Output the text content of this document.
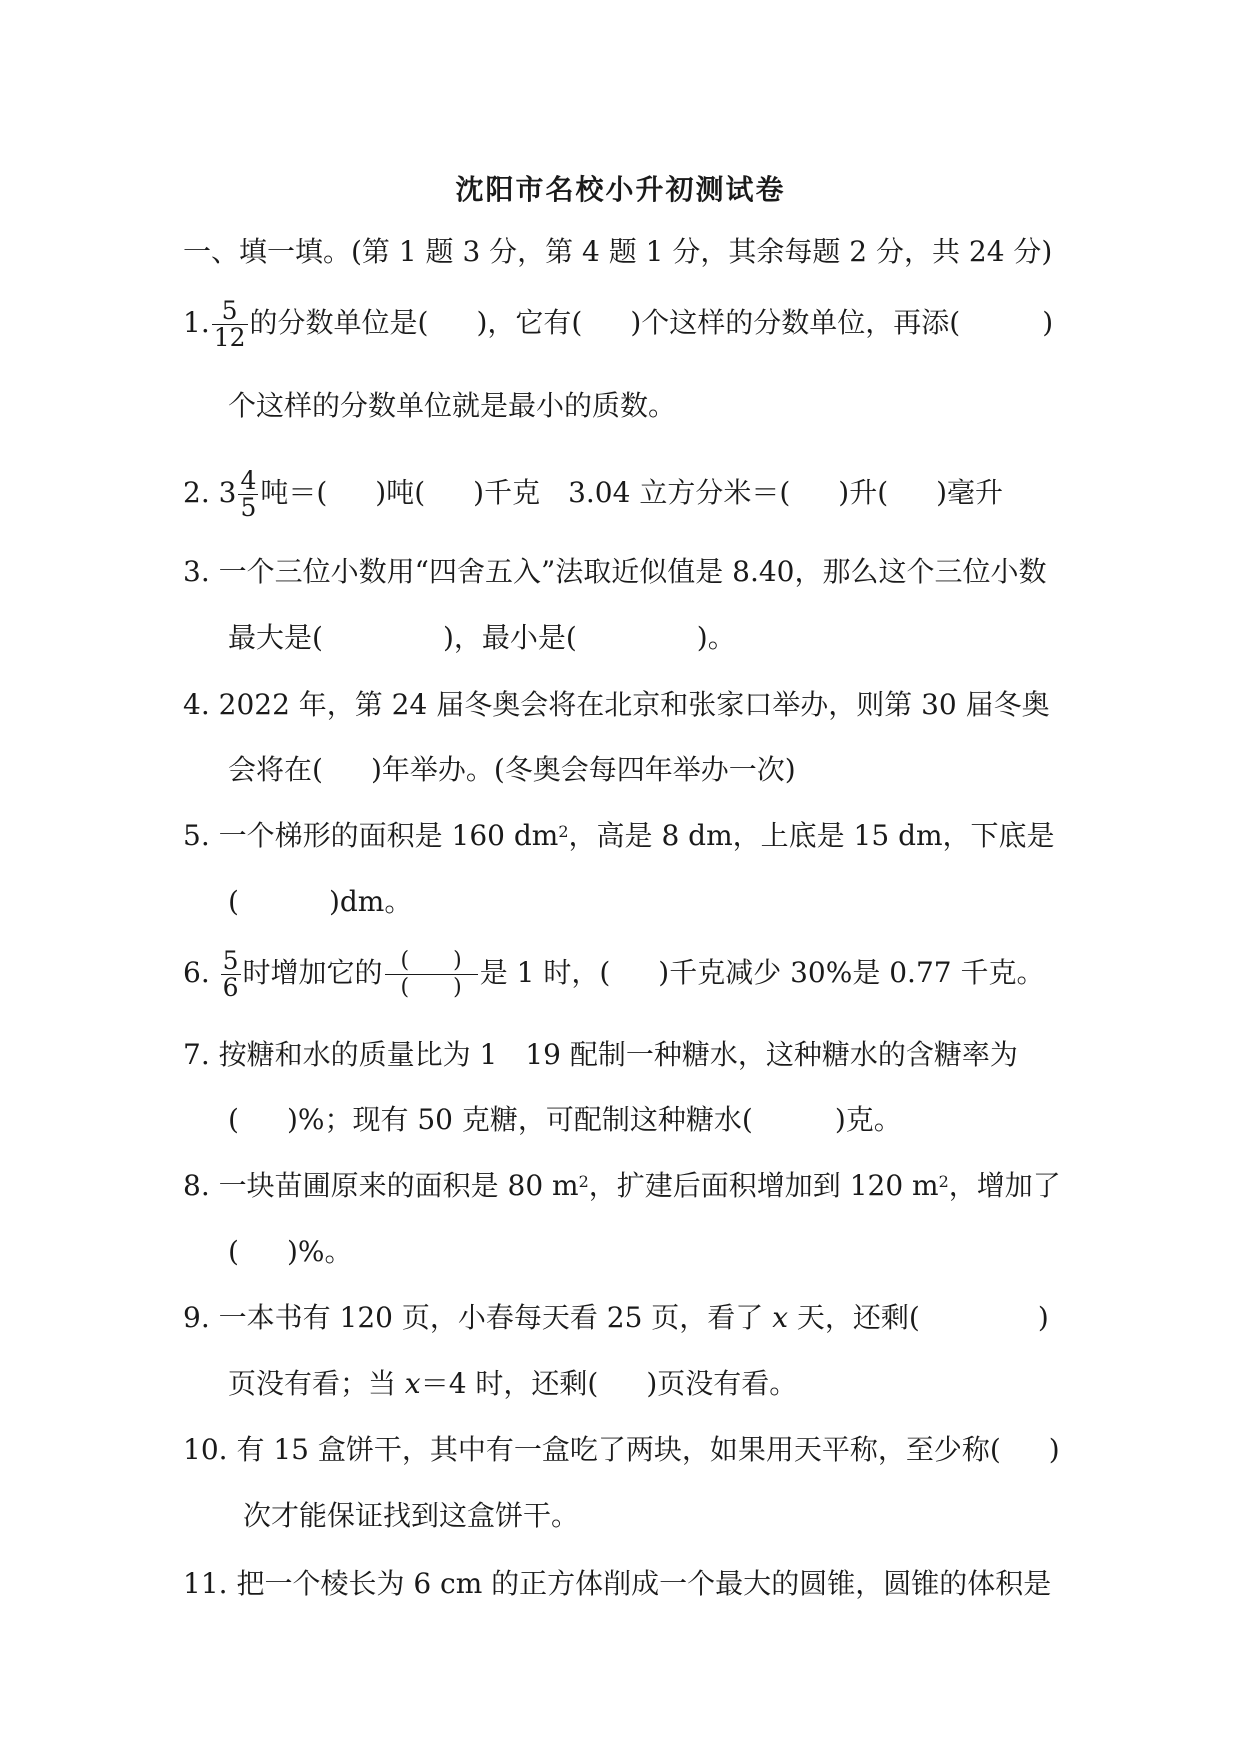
沈阳市名校小升初测试卷
一、填一填。(第 1 题 3 分，第 4 题 1 分，其余每题 2 分，共 24 分)
1. $\frac{5}{12}$ 的分数单位是( )，它有( )个这样的分数单位，再添(	)
个这样的分数单位就是最小的质数。
2. $3 \frac{4}{5}$ 吨＝( )吨( )千克 3.04 立方分米＝( )升( )毫升
3. 一个三位小数用“四舍五入”法取近似值是 8.40，那么这个三位小数
最大是(	)，最小是(	)。
4. 2022 年，第 24 届冬奥会将在北京和张家口举办，则第 30 届冬奥
会将在( )年举办。(冬奥会每四年举办一次)
5. 一个梯形的面积是 160 $dm^2$，高是 8 dm，上底是 15 dm，下底是
(	)dm。
6. $\frac{5}{6}$ 时增加它的 $\frac{( )}{( )}$ 是 1 时，( )千克减少 30%是 0.77 千克。
7. 按糖和水的质量比为 1　19 配制一种糖水，这种糖水的含糖率为
( )%；现有 50 克糖，可配制这种糖水(	)克。
8. 一块苗圃原来的面积是 80 $m^2$，扩建后面积增加到 120 $m^2$，增加了
( )%。
9. 一本书有 120 页，小春每天看 25 页，看了 x 天，还剩(	)
页没有看；当 x＝4 时，还剩( )页没有看。
10. 有 15 盒饼干，其中有一盒吃了两块，如果用天平称，至少称( )
次才能保证找到这盒饼干。
11. 把一个棱长为 6 cm 的正方体削成一个最大的圆锥，圆锥的体积是
